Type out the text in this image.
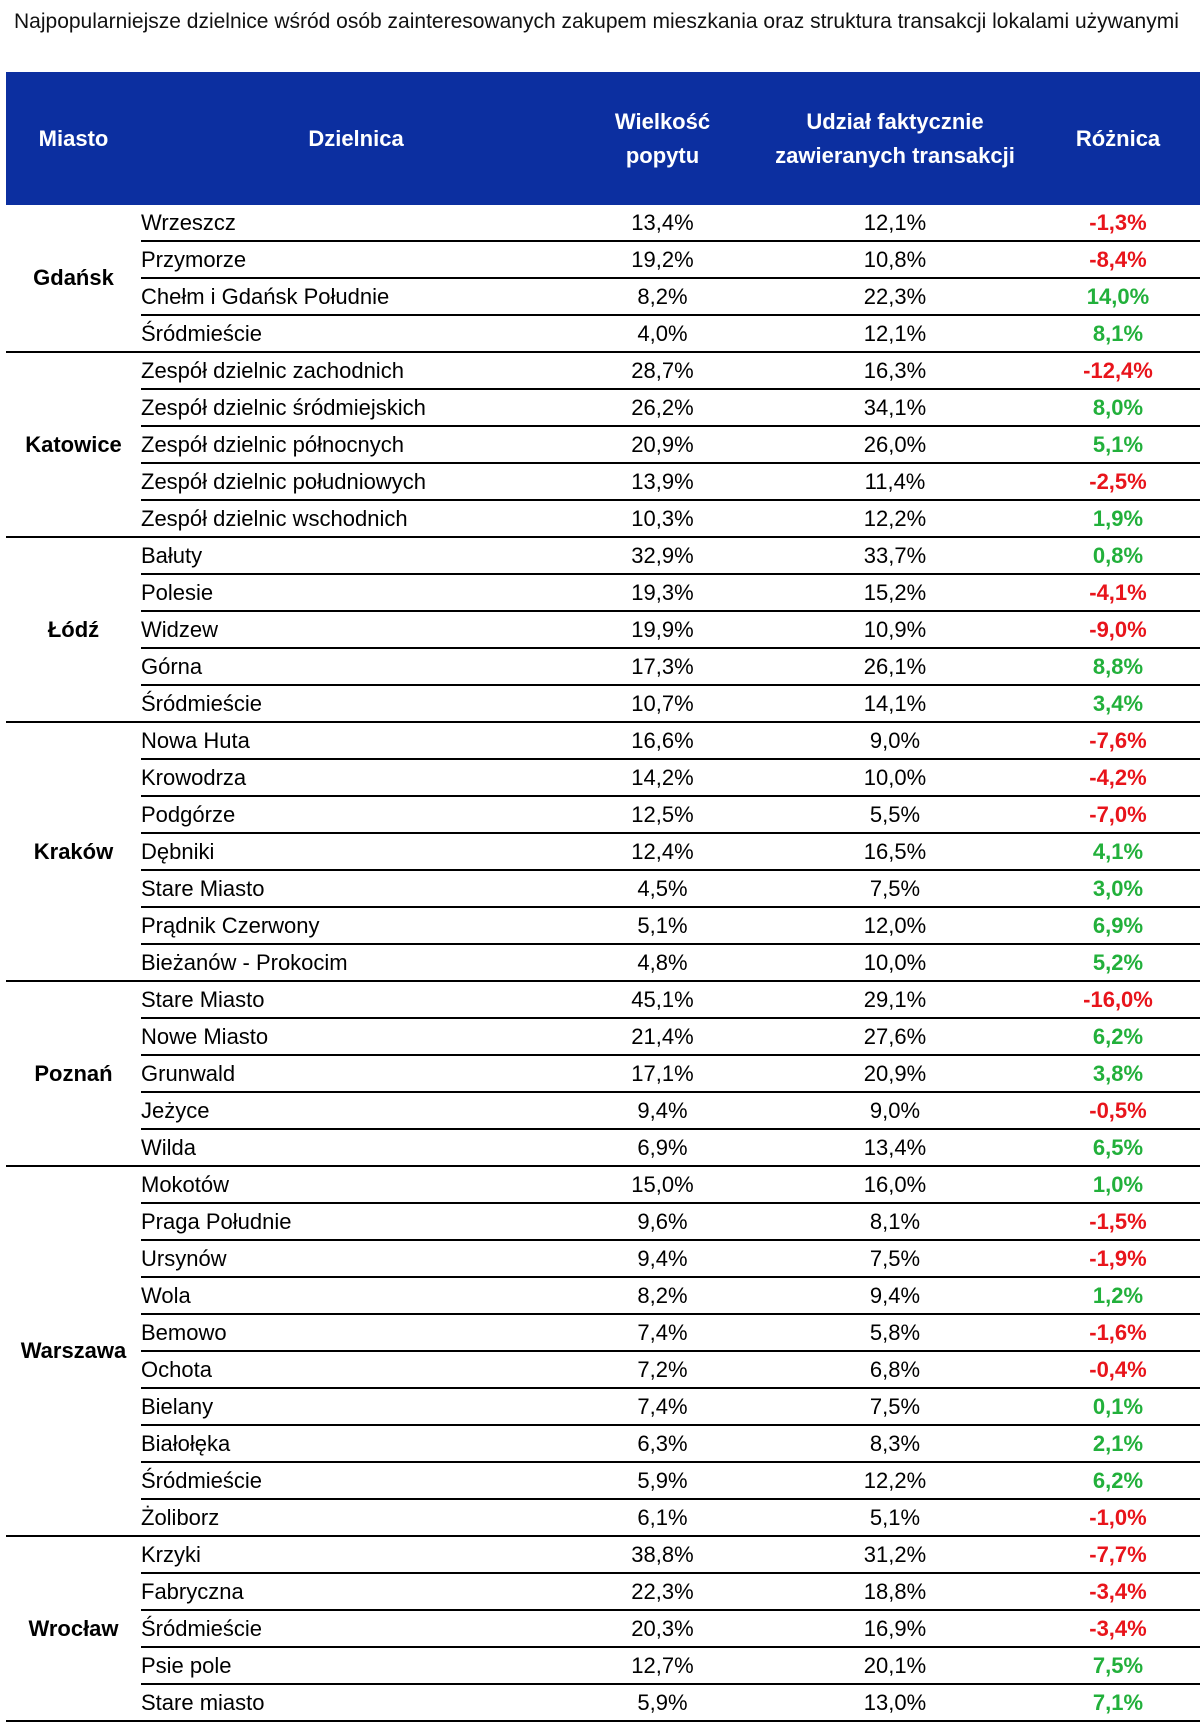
Najpopularniejsze dzielnice wśród osób zainteresowanych zakupem mieszkania oraz struktura transakcji lokalami używanymi
Miasto	Dzielnica	Wielkość popytu	Udział faktycznie zawieranych transakcji	Różnica
Gdańsk	Wrzeszcz	13,4%	12,1%	-1,3%
	Przymorze	19,2%	10,8%	-8,4%
	Chełm i Gdańsk Południe	8,2%	22,3%	14,0%
	Śródmieście	4,0%	12,1%	8,1%
Katowice	Zespół dzielnic zachodnich	28,7%	16,3%	-12,4%
	Zespół dzielnic śródmiejskich	26,2%	34,1%	8,0%
	Zespół dzielnic północnych	20,9%	26,0%	5,1%
	Zespół dzielnic południowych	13,9%	11,4%	-2,5%
	Zespół dzielnic wschodnich	10,3%	12,2%	1,9%
Łódź	Bałuty	32,9%	33,7%	0,8%
	Polesie	19,3%	15,2%	-4,1%
	Widzew	19,9%	10,9%	-9,0%
	Górna	17,3%	26,1%	8,8%
	Śródmieście	10,7%	14,1%	3,4%
Kraków	Nowa Huta	16,6%	9,0%	-7,6%
	Krowodrza	14,2%	10,0%	-4,2%
	Podgórze	12,5%	5,5%	-7,0%
	Dębniki	12,4%	16,5%	4,1%
	Stare Miasto	4,5%	7,5%	3,0%
	Prądnik Czerwony	5,1%	12,0%	6,9%
	Bieżanów - Prokocim	4,8%	10,0%	5,2%
Poznań	Stare Miasto	45,1%	29,1%	-16,0%
	Nowe Miasto	21,4%	27,6%	6,2%
	Grunwald	17,1%	20,9%	3,8%
	Jeżyce	9,4%	9,0%	-0,5%
	Wilda	6,9%	13,4%	6,5%
Warszawa	Mokotów	15,0%	16,0%	1,0%
	Praga Południe	9,6%	8,1%	-1,5%
	Ursynów	9,4%	7,5%	-1,9%
	Wola	8,2%	9,4%	1,2%
	Bemowo	7,4%	5,8%	-1,6%
	Ochota	7,2%	6,8%	-0,4%
	Bielany	7,4%	7,5%	0,1%
	Białołęka	6,3%	8,3%	2,1%
	Śródmieście	5,9%	12,2%	6,2%
	Żoliborz	6,1%	5,1%	-1,0%
Wrocław	Krzyki	38,8%	31,2%	-7,7%
	Fabryczna	22,3%	18,8%	-3,4%
	Śródmieście	20,3%	16,9%	-3,4%
	Psie pole	12,7%	20,1%	7,5%
	Stare miasto	5,9%	13,0%	7,1%
